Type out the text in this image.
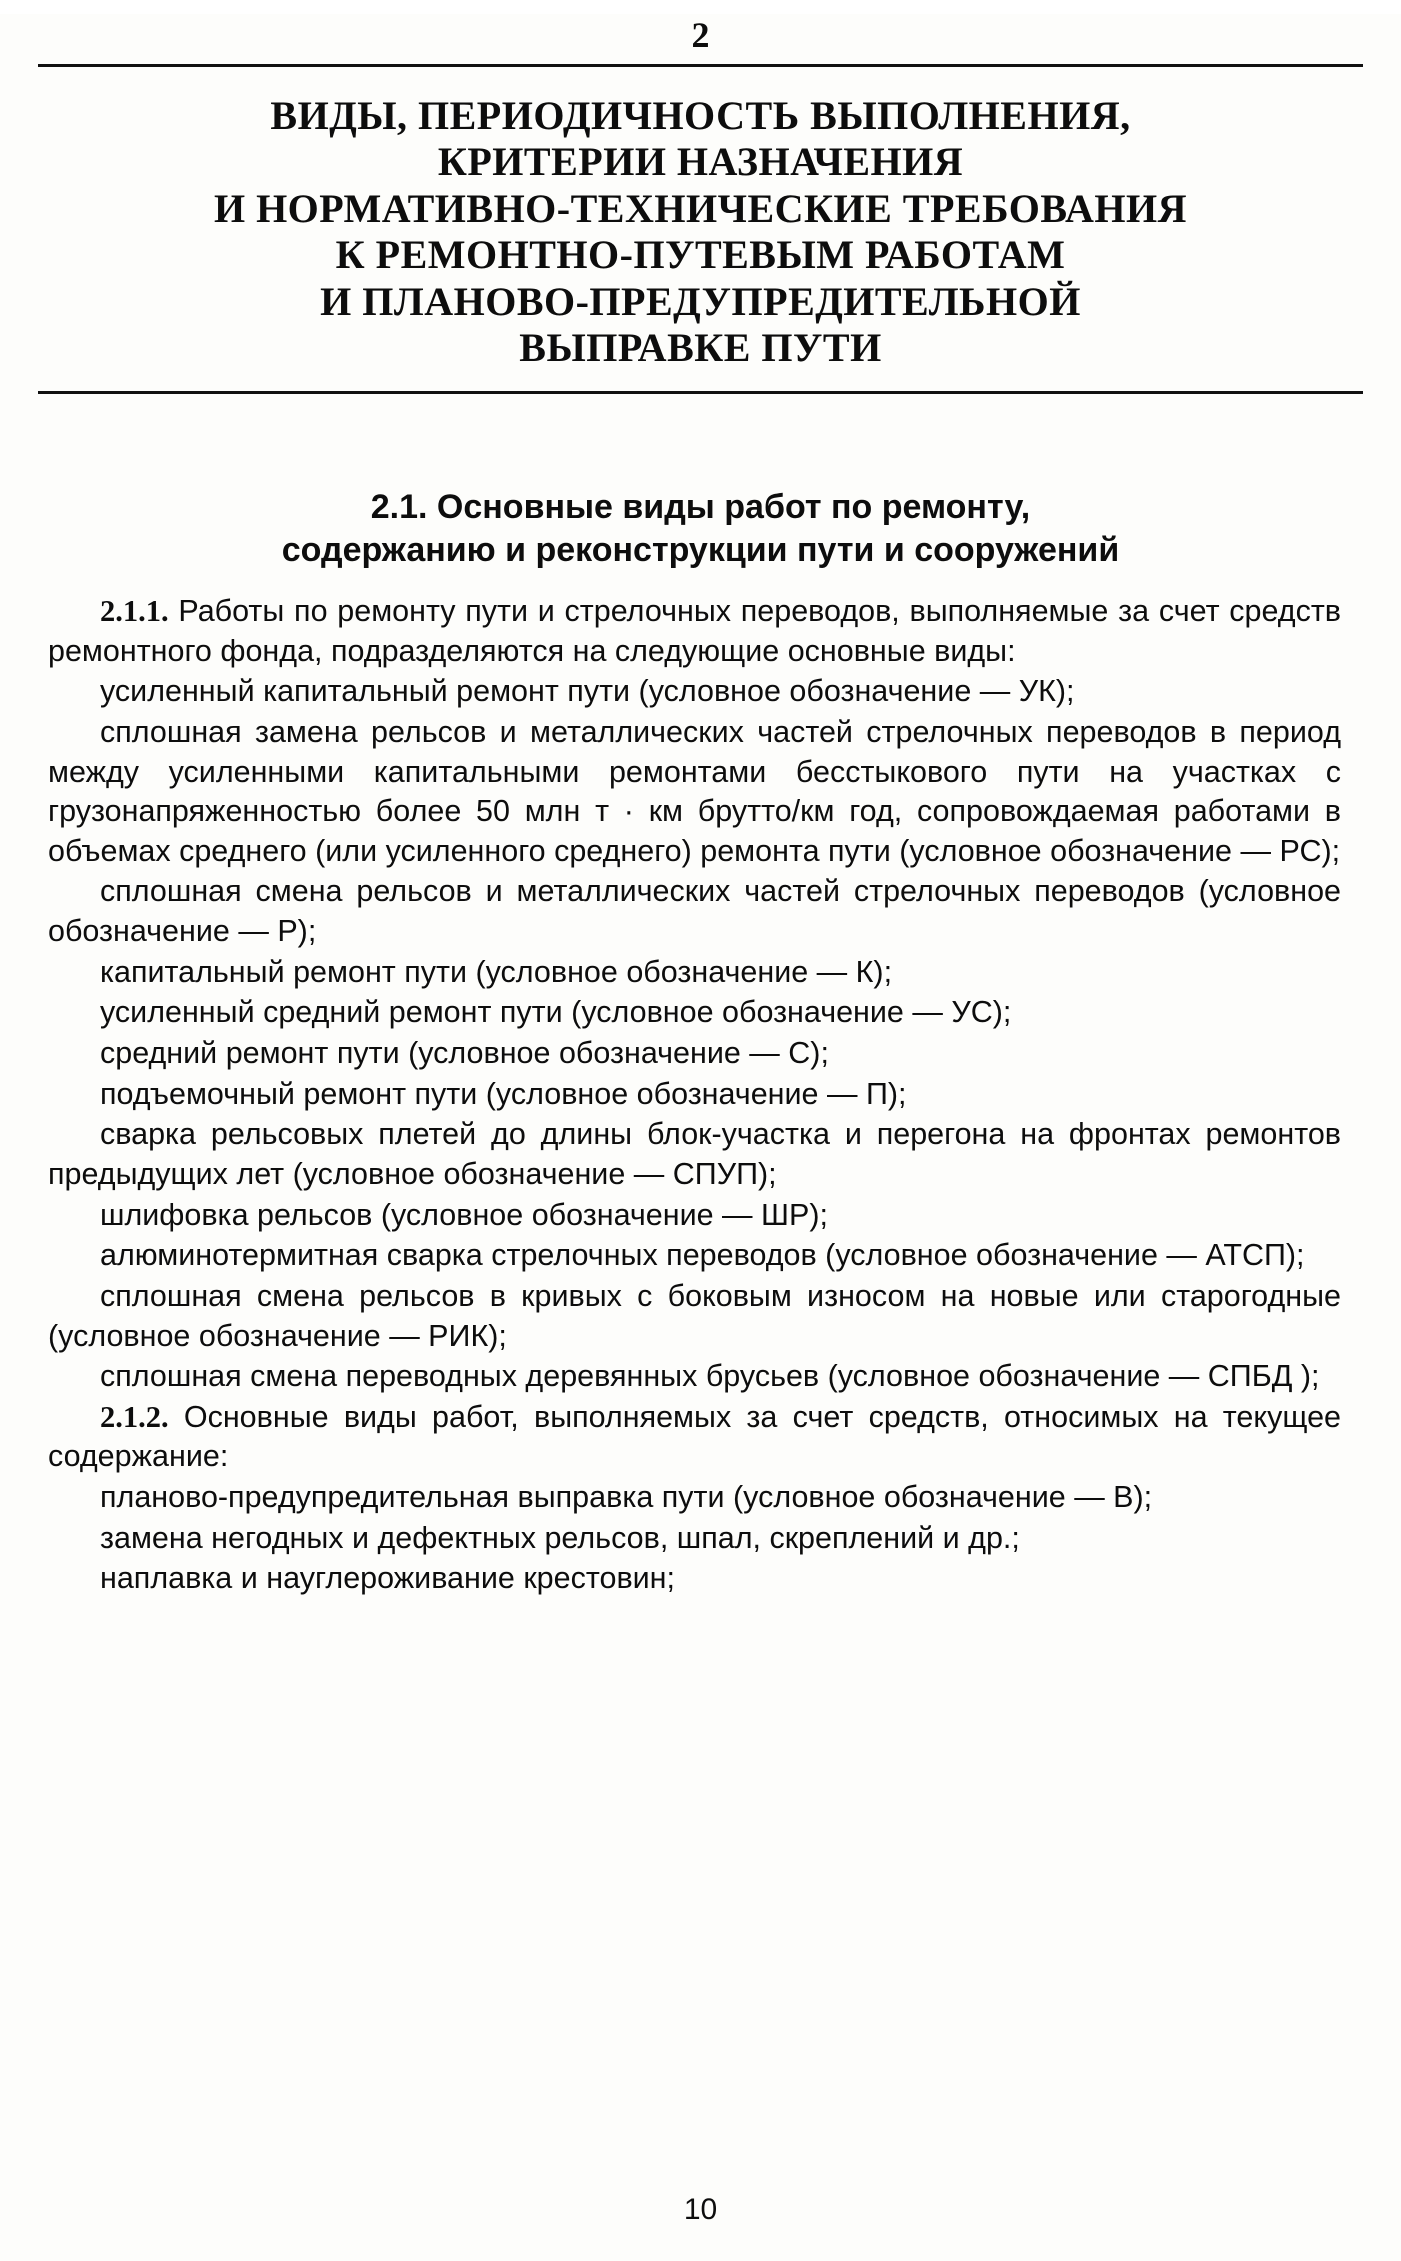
2
ВИДЫ, ПЕРИОДИЧНОСТЬ ВЫПОЛНЕНИЯ,
КРИТЕРИИ НАЗНАЧЕНИЯ
И НОРМАТИВНО-ТЕХНИЧЕСКИЕ ТРЕБОВАНИЯ
К РЕМОНТНО-ПУТЕВЫМ РАБОТАМ
И ПЛАНОВО-ПРЕДУПРЕДИТЕЛЬНОЙ
ВЫПРАВКЕ ПУТИ
2.1. Основные виды работ по ремонту,
содержанию и реконструкции пути и сооружений

2.1.1. Работы по ремонту пути и стрелочных переводов, выполняемые за счет средств ремонтного фонда, подразделяются на следующие основные виды:

усиленный капитальный ремонт пути (условное обозначение — УК);

сплошная замена рельсов и металлических частей стрелочных переводов в период между усиленными капитальными ремонтами бесстыкового пути на участках с грузонапряженностью более 50 млн т · км брутто/км год, сопровождаемая работами в объемах среднего (или усиленного среднего) ремонта пути (условное обозначение — РС);

сплошная смена рельсов и металлических частей стрелочных переводов (условное обозначение — Р);

капитальный ремонт пути (условное обозначение — К);

усиленный средний ремонт пути (условное обозначение — УС);

средний ремонт пути (условное обозначение — С);

подъемочный ремонт пути (условное обозначение — П);

сварка рельсовых плетей до длины блок-участка и перегона на фронтах ремонтов предыдущих лет (условное обозначение — СПУП);

шлифовка рельсов (условное обозначение — ШР);

алюминотермитная сварка стрелочных переводов (условное обозначение — АТСП);

сплошная смена рельсов в кривых с боковым износом на новые или старогодные (условное обозначение — РИК);

сплошная смена переводных деревянных брусьев (условное обозначение — СПБД );

2.1.2. Основные виды работ, выполняемых за счет средств, относимых на текущее содержание:

планово-предупредительная выправка пути (условное обозначение — В);

замена негодных и дефектных рельсов, шпал, скреплений и др.;

наплавка и науглероживание крестовин;

10
